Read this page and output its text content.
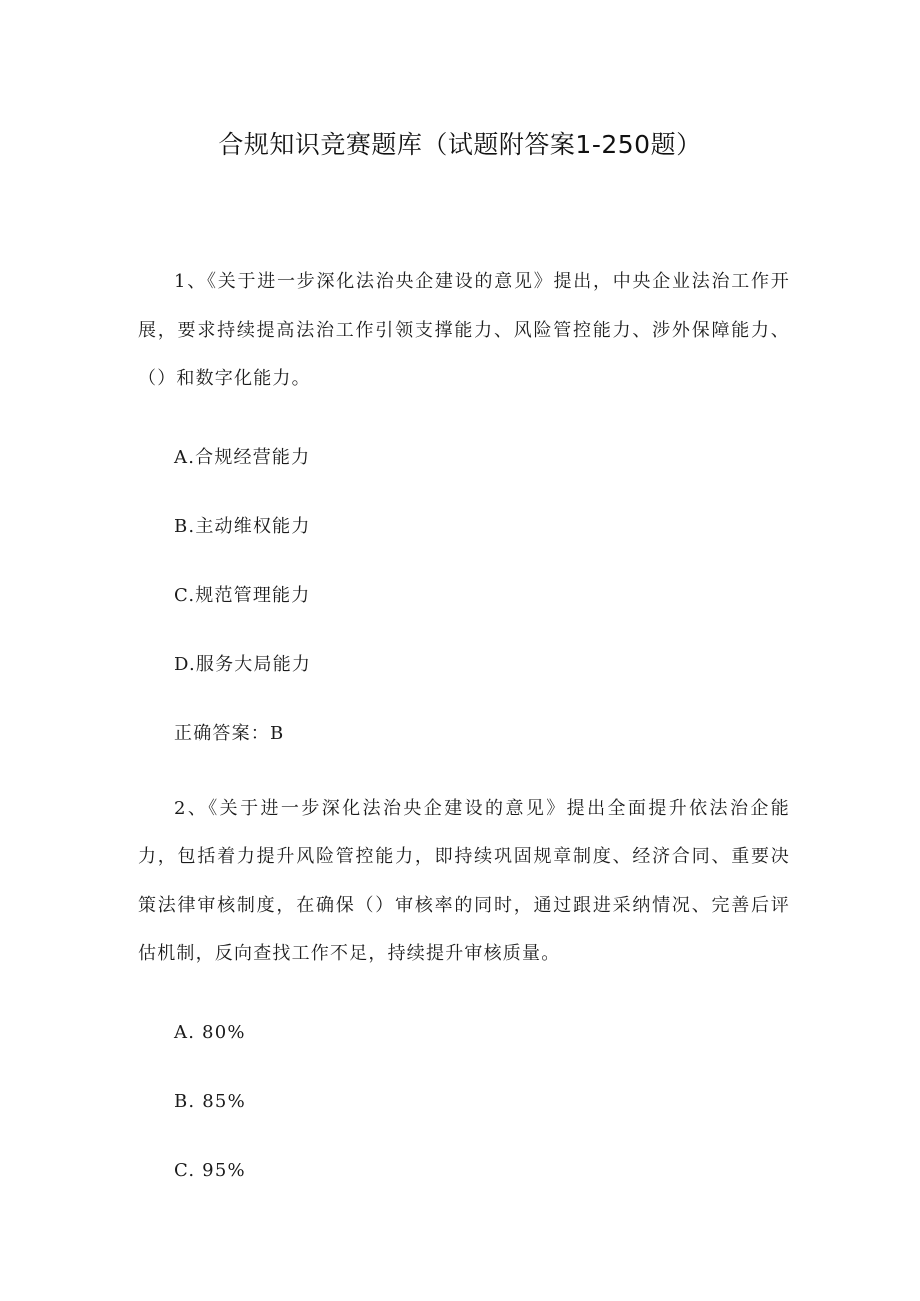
合规知识竞赛题库（试题附答案1-250题）

1、《关于进一步深化法治央企建设的意见》提出，中央企业法治工作开展，要求持续提高法治工作引领支撑能力、风险管控能力、涉外保障能力、（）和数字化能力。

A.合规经营能力

B.主动维权能力

C.规范管理能力

D.服务大局能力

正确答案：B

2、《关于进一步深化法治央企建设的意见》提出全面提升依法治企能力，包括着力提升风险管控能力，即持续巩固规章制度、经济合同、重要决策法律审核制度，在确保（）审核率的同时，通过跟进采纳情况、完善后评估机制，反向查找工作不足，持续提升审核质量。

A. 80%

B. 85%

C. 95%
